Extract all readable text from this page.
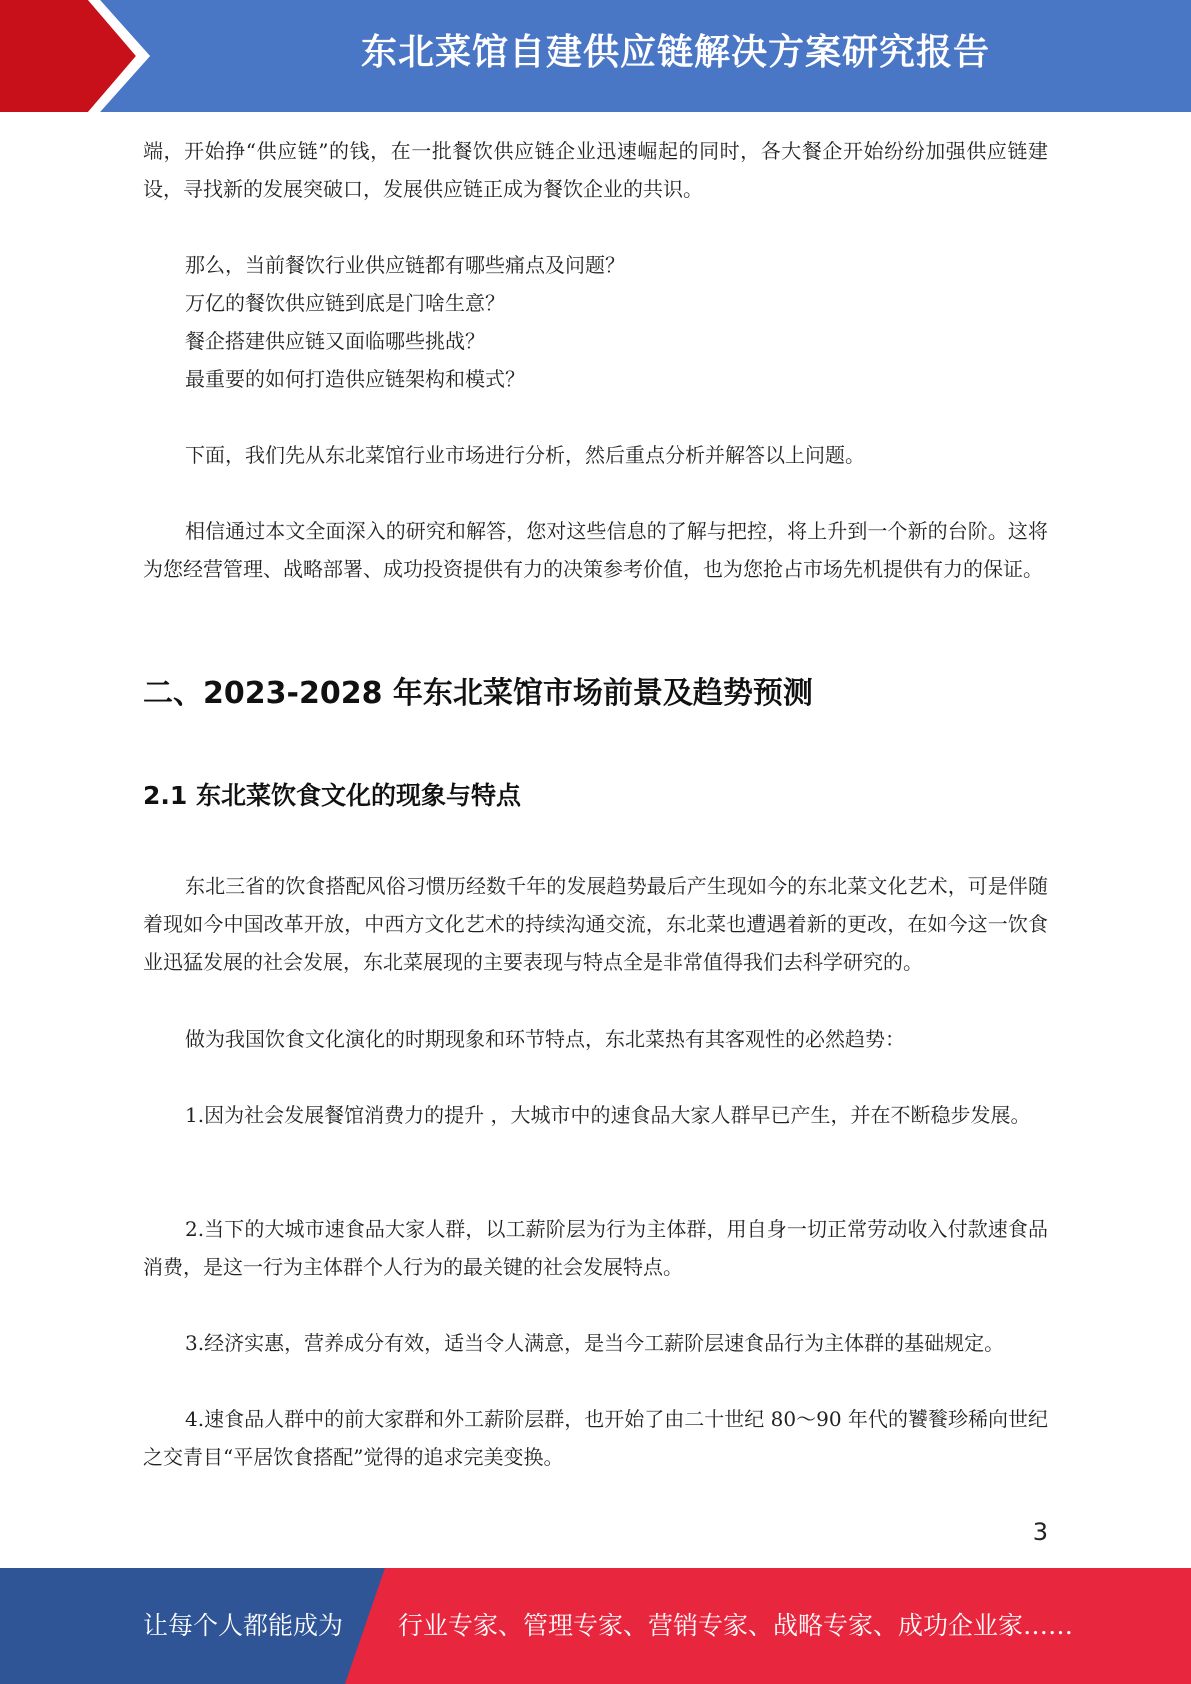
东北菜馆自建供应链解决方案研究报告

端，开始挣“供应链”的钱，在一批餐饮供应链企业迅速崛起的同时，各大餐企开始纷纷加强供应链建设，寻找新的发展突破口，发展供应链正成为餐饮企业的共识。

那么，当前餐饮行业供应链都有哪些痛点及问题？
万亿的餐饮供应链到底是门啥生意？
餐企搭建供应链又面临哪些挑战？
最重要的如何打造供应链架构和模式？

下面，我们先从东北菜馆行业市场进行分析，然后重点分析并解答以上问题。

相信通过本文全面深入的研究和解答，您对这些信息的了解与把控，将上升到一个新的台阶。这将为您经营管理、战略部署、成功投资提供有力的决策参考价值，也为您抢占市场先机提供有力的保证。

二、2023-2028 年东北菜馆市场前景及趋势预测
2.1 东北菜饮食文化的现象与特点

东北三省的饮食搭配风俗习惯历经数千年的发展趋势最后产生现如今的东北菜文化艺术，可是伴随着现如今中国改革开放，中西方文化艺术的持续沟通交流，东北菜也遭遇着新的更改，在如今这一饮食业迅猛发展的社会发展，东北菜展现的主要表现与特点全是非常值得我们去科学研究的。

做为我国饮食文化演化的时期现象和环节特点，东北菜热有其客观性的必然趋势：

1.因为社会发展餐馆消费力的提升 ，大城市中的速食品大家人群早已产生，并在不断稳步发展。

2.当下的大城市速食品大家人群，以工薪阶层为行为主体群，用自身一切正常劳动收入付款速食品消费，是这一行为主体群个人行为的最关键的社会发展特点。

3.经济实惠，营养成分有效，适当令人满意，是当今工薪阶层速食品行为主体群的基础规定。

4.速食品人群中的前大家群和外工薪阶层群，也开始了由二十世纪 80～90 年代的饕餮珍稀向世纪之交青目“平居饮食搭配”觉得的追求完美变换。

3
让每个人都能成为 行业专家、管理专家、营销专家、战略专家、成功企业家……
